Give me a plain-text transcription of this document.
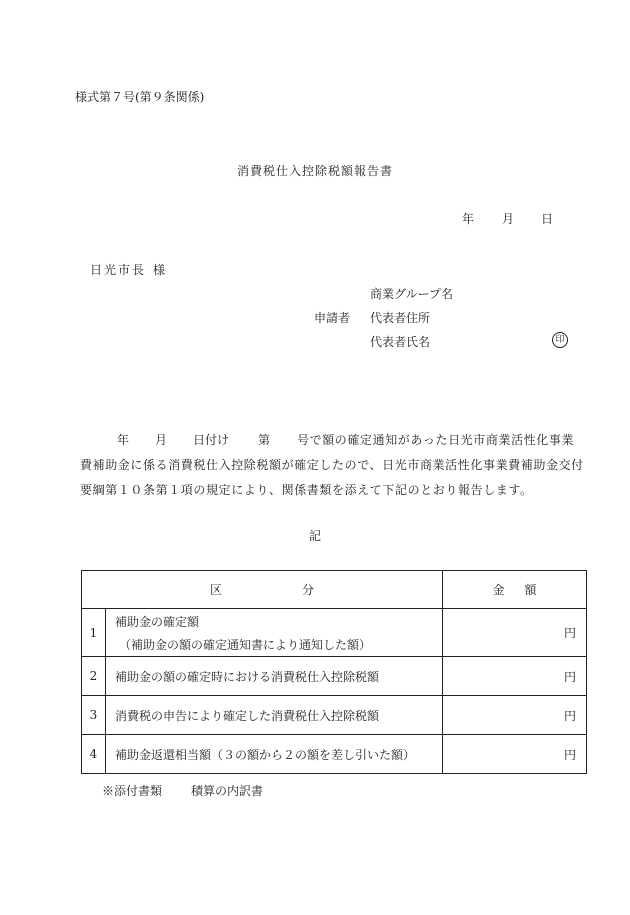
様式第７号(第９条関係)
消費税仕入控除税額報告書
年 月 日
日光市長 様
商業グループ名
申請者 代表者住所
代表者氏名	印
年 月 日付け 第 号で額の確定通知があった日光市商業活性化事業
費補助金に係る消費税仕入控除税額が確定したので、日光市商業活性化事業費補助金交付
要綱第１０条第１項の規定により、関係書類を添えて下記のとおり報告します。
記
区 分		金 額
1	補助金の確定額
（補助金の額の確定通知書により通知した額）	円
2	補助金の額の確定時における消費税仕入控除税額	円
3	消費税の申告により確定した消費税仕入控除税額	円
4	補助金返還相当額（３の額から２の額を差し引いた額）	円
※添付書類 積算の内訳書
